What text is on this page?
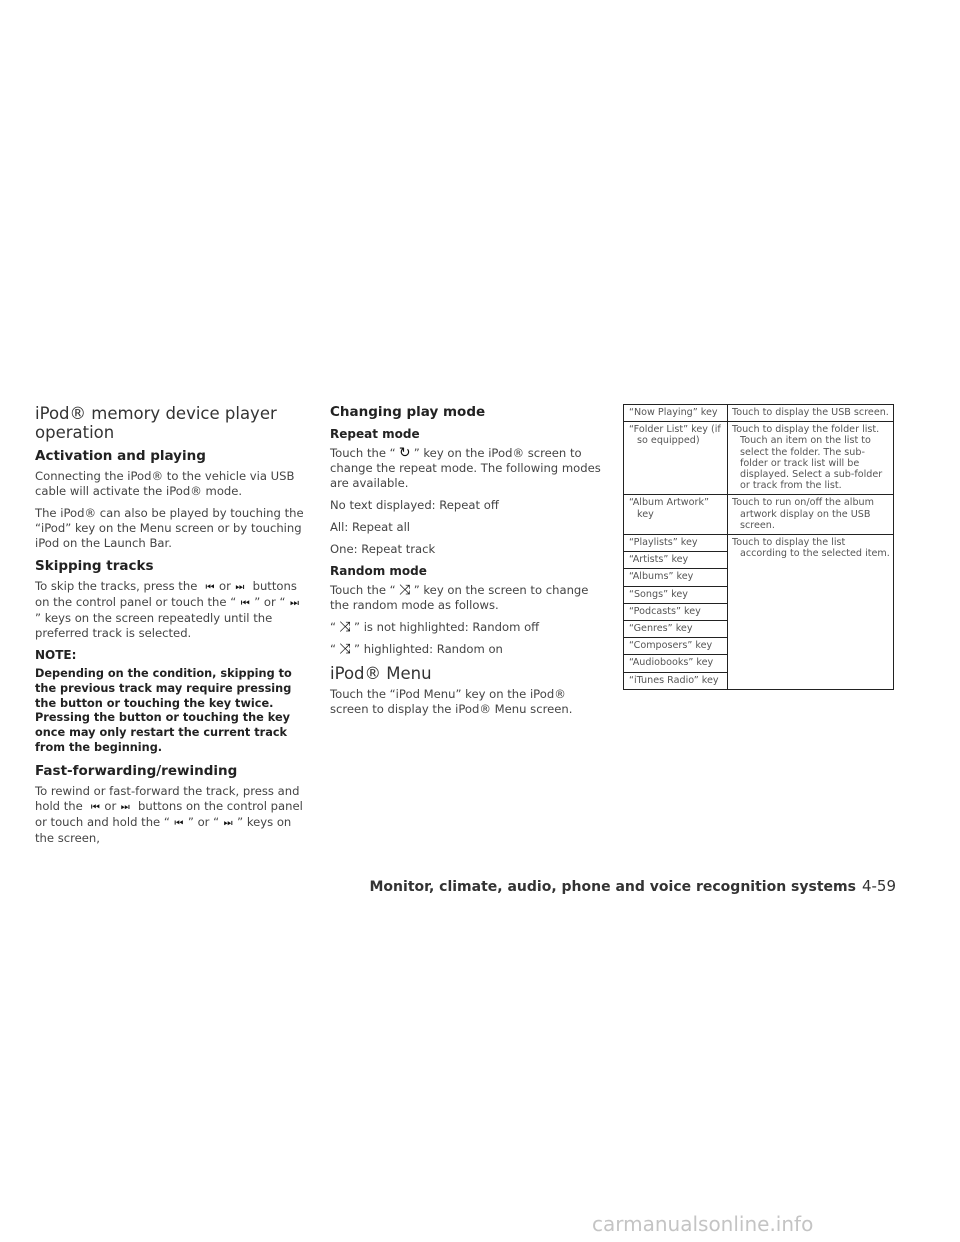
iPod® memory device player operation
Activation and playing

Connecting the iPod® to the vehicle via USB cable will activate the iPod® mode.

The iPod® can also be played by touching the “iPod” key on the Menu screen or by touching iPod on the Launch Bar.

Skipping tracks

To skip the tracks, press the ⏮ or ⏭ buttons on the control panel or touch the “ ⏮ ” or “ ⏭” keys on the screen repeatedly until the preferred track is selected.

NOTE:

Depending on the condition, skipping to the previous track may require pressing the button or touching the key twice. Pressing the button or touching the key once may only restart the current track from the beginning.

Fast-forwarding/rewinding

To rewind or fast-forward the track, press and hold the ⏮ or ⏭ buttons on the control panel or touch and hold the “ ⏮ ” or “ ⏭ ” keys on the screen,

Changing play mode
Repeat mode

Touch the “ ↻ ” key on the iPod® screen to change the repeat mode. The following modes are available.

No text displayed: Repeat off

All: Repeat all

One: Repeat track

Random mode

Touch the “ ⤨ ” key on the screen to change the random mode as follows.

“ ⤨ ” is not highlighted: Random off

“ ⤨ ” highlighted: Random on

iPod® Menu

Touch the “iPod Menu” key on the iPod® screen to display the iPod® Menu screen.

“Now Playing” key	Touch to display the USB screen.

“Folder List” key (if so equipped)	Touch to display the folder list. Touch an item on the list to select the folder. The sub-folder or track list will be displayed. Select a sub-folder or track from the list.

“Album Artwork” key	Touch to run on/off the album artwork display on the USB screen.

“Playlists” key	Touch to display the list according to the selected item.

“Artists” key	
“Albums” key	
“Songs” key	
“Podcasts” key	
“Genres” key	
“Composers” key	
“Audiobooks” key	

“iTunes Radio” key	
Monitor, climate, audio, phone and voice recognition systems 4-59
carmanualsonline.info
